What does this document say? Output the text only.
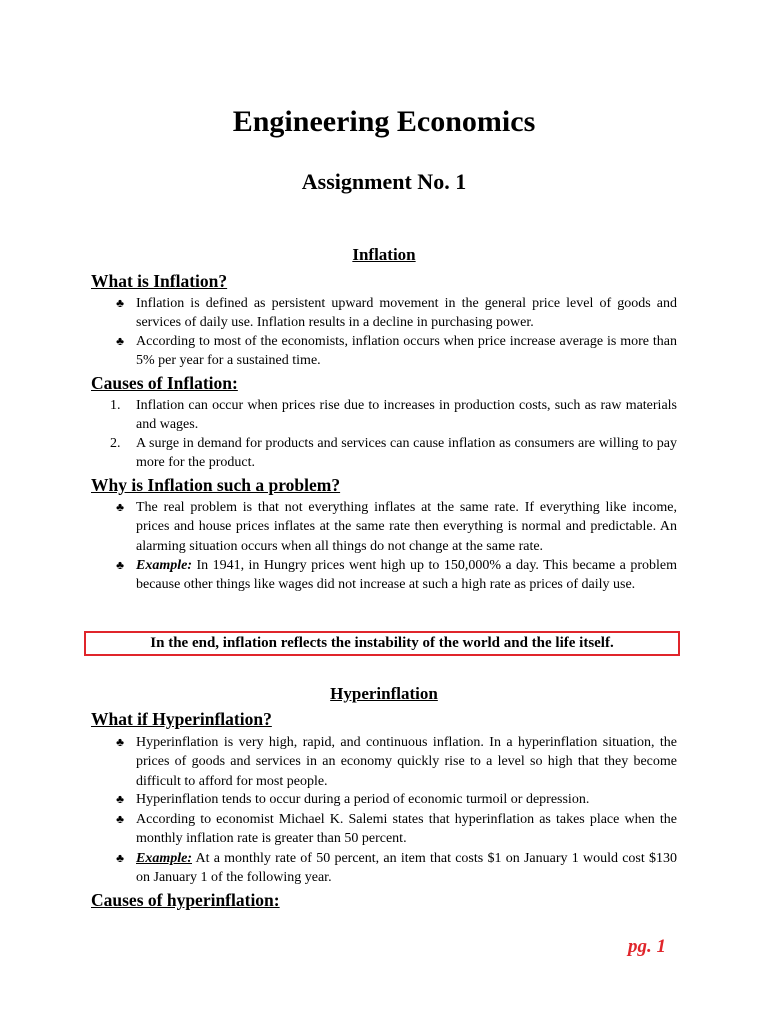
Engineering Economics
Assignment No. 1
Inflation
What is Inflation?
♣ Inflation is defined as persistent upward movement in the general price level of goods and services of daily use. Inflation results in a decline in purchasing power.
♣ According to most of the economists, inflation occurs when price increase average is more than 5% per year for a sustained time.
Causes of Inflation:
1. Inflation can occur when prices rise due to increases in production costs, such as raw materials and wages.
2. A surge in demand for products and services can cause inflation as consumers are willing to pay more for the product.
Why is Inflation such a problem?
♣ The real problem is that not everything inflates at the same rate. If everything like income, prices and house prices inflates at the same rate then everything is normal and predictable. An alarming situation occurs when all things do not change at the same rate.
♣ Example: In 1941, in Hungry prices went high up to 150,000% a day. This became a problem because other things like wages did not increase at such a high rate as prices of daily use.
In the end, inflation reflects the instability of the world and the life itself.
Hyperinflation
What if Hyperinflation?
♣ Hyperinflation is very high, rapid, and continuous inflation. In a hyperinflation situation, the prices of goods and services in an economy quickly rise to a level so high that they become difficult to afford for most people.
♣ Hyperinflation tends to occur during a period of economic turmoil or depression.
♣ According to economist Michael K. Salemi states that hyperinflation as takes place when the monthly inflation rate is greater than 50 percent.
♣ Example: At a monthly rate of 50 percent, an item that costs $1 on January 1 would cost $130 on January 1 of the following year.
Causes of hyperinflation:
pg. 1
